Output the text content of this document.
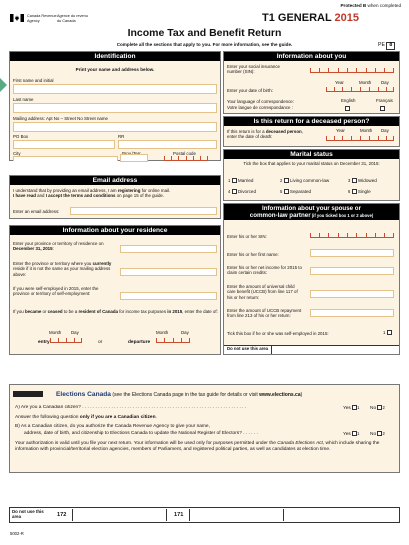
Protected B when completed
Canada Revenue Agency
Agence du revenu du Canada	T1 GENERAL 2015
Income Tax and Benefit Return
Complete all the sections that apply to you. For more information, see the guide.	PE 8
Identification
Print your name and address below.
First name and initial
Last name
Mailing address: Apt No – Street No Street name
PO Box	RR
City	Postal code
Information about you
Enter your social insurance number (SIN):
Year	Month Day
Enter your date of birth:
Your language of correspondence:
Votre langue de correspondance :
English	Français
Is this return for a deceased person?
If this return is for a deceased person, enter the date of death:
Year	Month Day
Marital status
Tick the box that applies to your marital status on December 31, 2015:
1 Married	2 Living common-law	3 Widowed
4 Divorced	5 Separated	6 Single
Email address
I understand that by providing an email address, I am registering for online mail.
I have read and I accept the terms and conditions on page 15 of the guide.
Enter an email address:	Information about your spouse or
common-law partner (if you ticked box 1 or 2 above)
Enter his or her SIN:
Enter his or her first name:
Enter his or her net income for 2015 to claim certain credits:
Enter the amount of universal child care benefit (UCCB) from line 117 of his or her return:
Enter the amount of UCCB repayment from line 213 of his or her return:
Tick this box if he or she was self-employed in 2015:	1
Do not use this area
Information about your residence
Enter your province or territory of residence on December 31, 2015:
Enter the province or territory where you currently reside if it is not the same as your mailing address above:
If you were self-employed in 2015, enter the province or territory of self-employment:
If you became or ceased to be a resident of Canada for income tax purposes in 2015, enter the date of:
Month Day	Month	Day
entry	or	departure
Elections Canada (see the Elections Canada page in the tax guide for details or visit www.elections.ca)
A) Are you a Canadian citizen? . . . . . . . . . . . . . . . . . . . . . . . . . . . . . . . . . . . . . . . . . . . . . . . . . . . . . . . . . . . . . .	Yes 1 No 2
Answer the following question only if you are a Canadian citizen.
B) As a Canadian citizen, do you authorize the Canada Revenue Agency to give your name,
address, date of birth, and citizenship to Elections Canada to update the National Register of Electors? . . . . . .	Yes 1 No 2
Your authorization is valid until you file your next return. Your information will be used only for purposes permitted under the Canada Elections Act, which include sharing the information with provincial/territorial election agencies, members of Parliament, and registered political parties, as well as candidates at election time.
Do not use this area	172	171
5002-R
